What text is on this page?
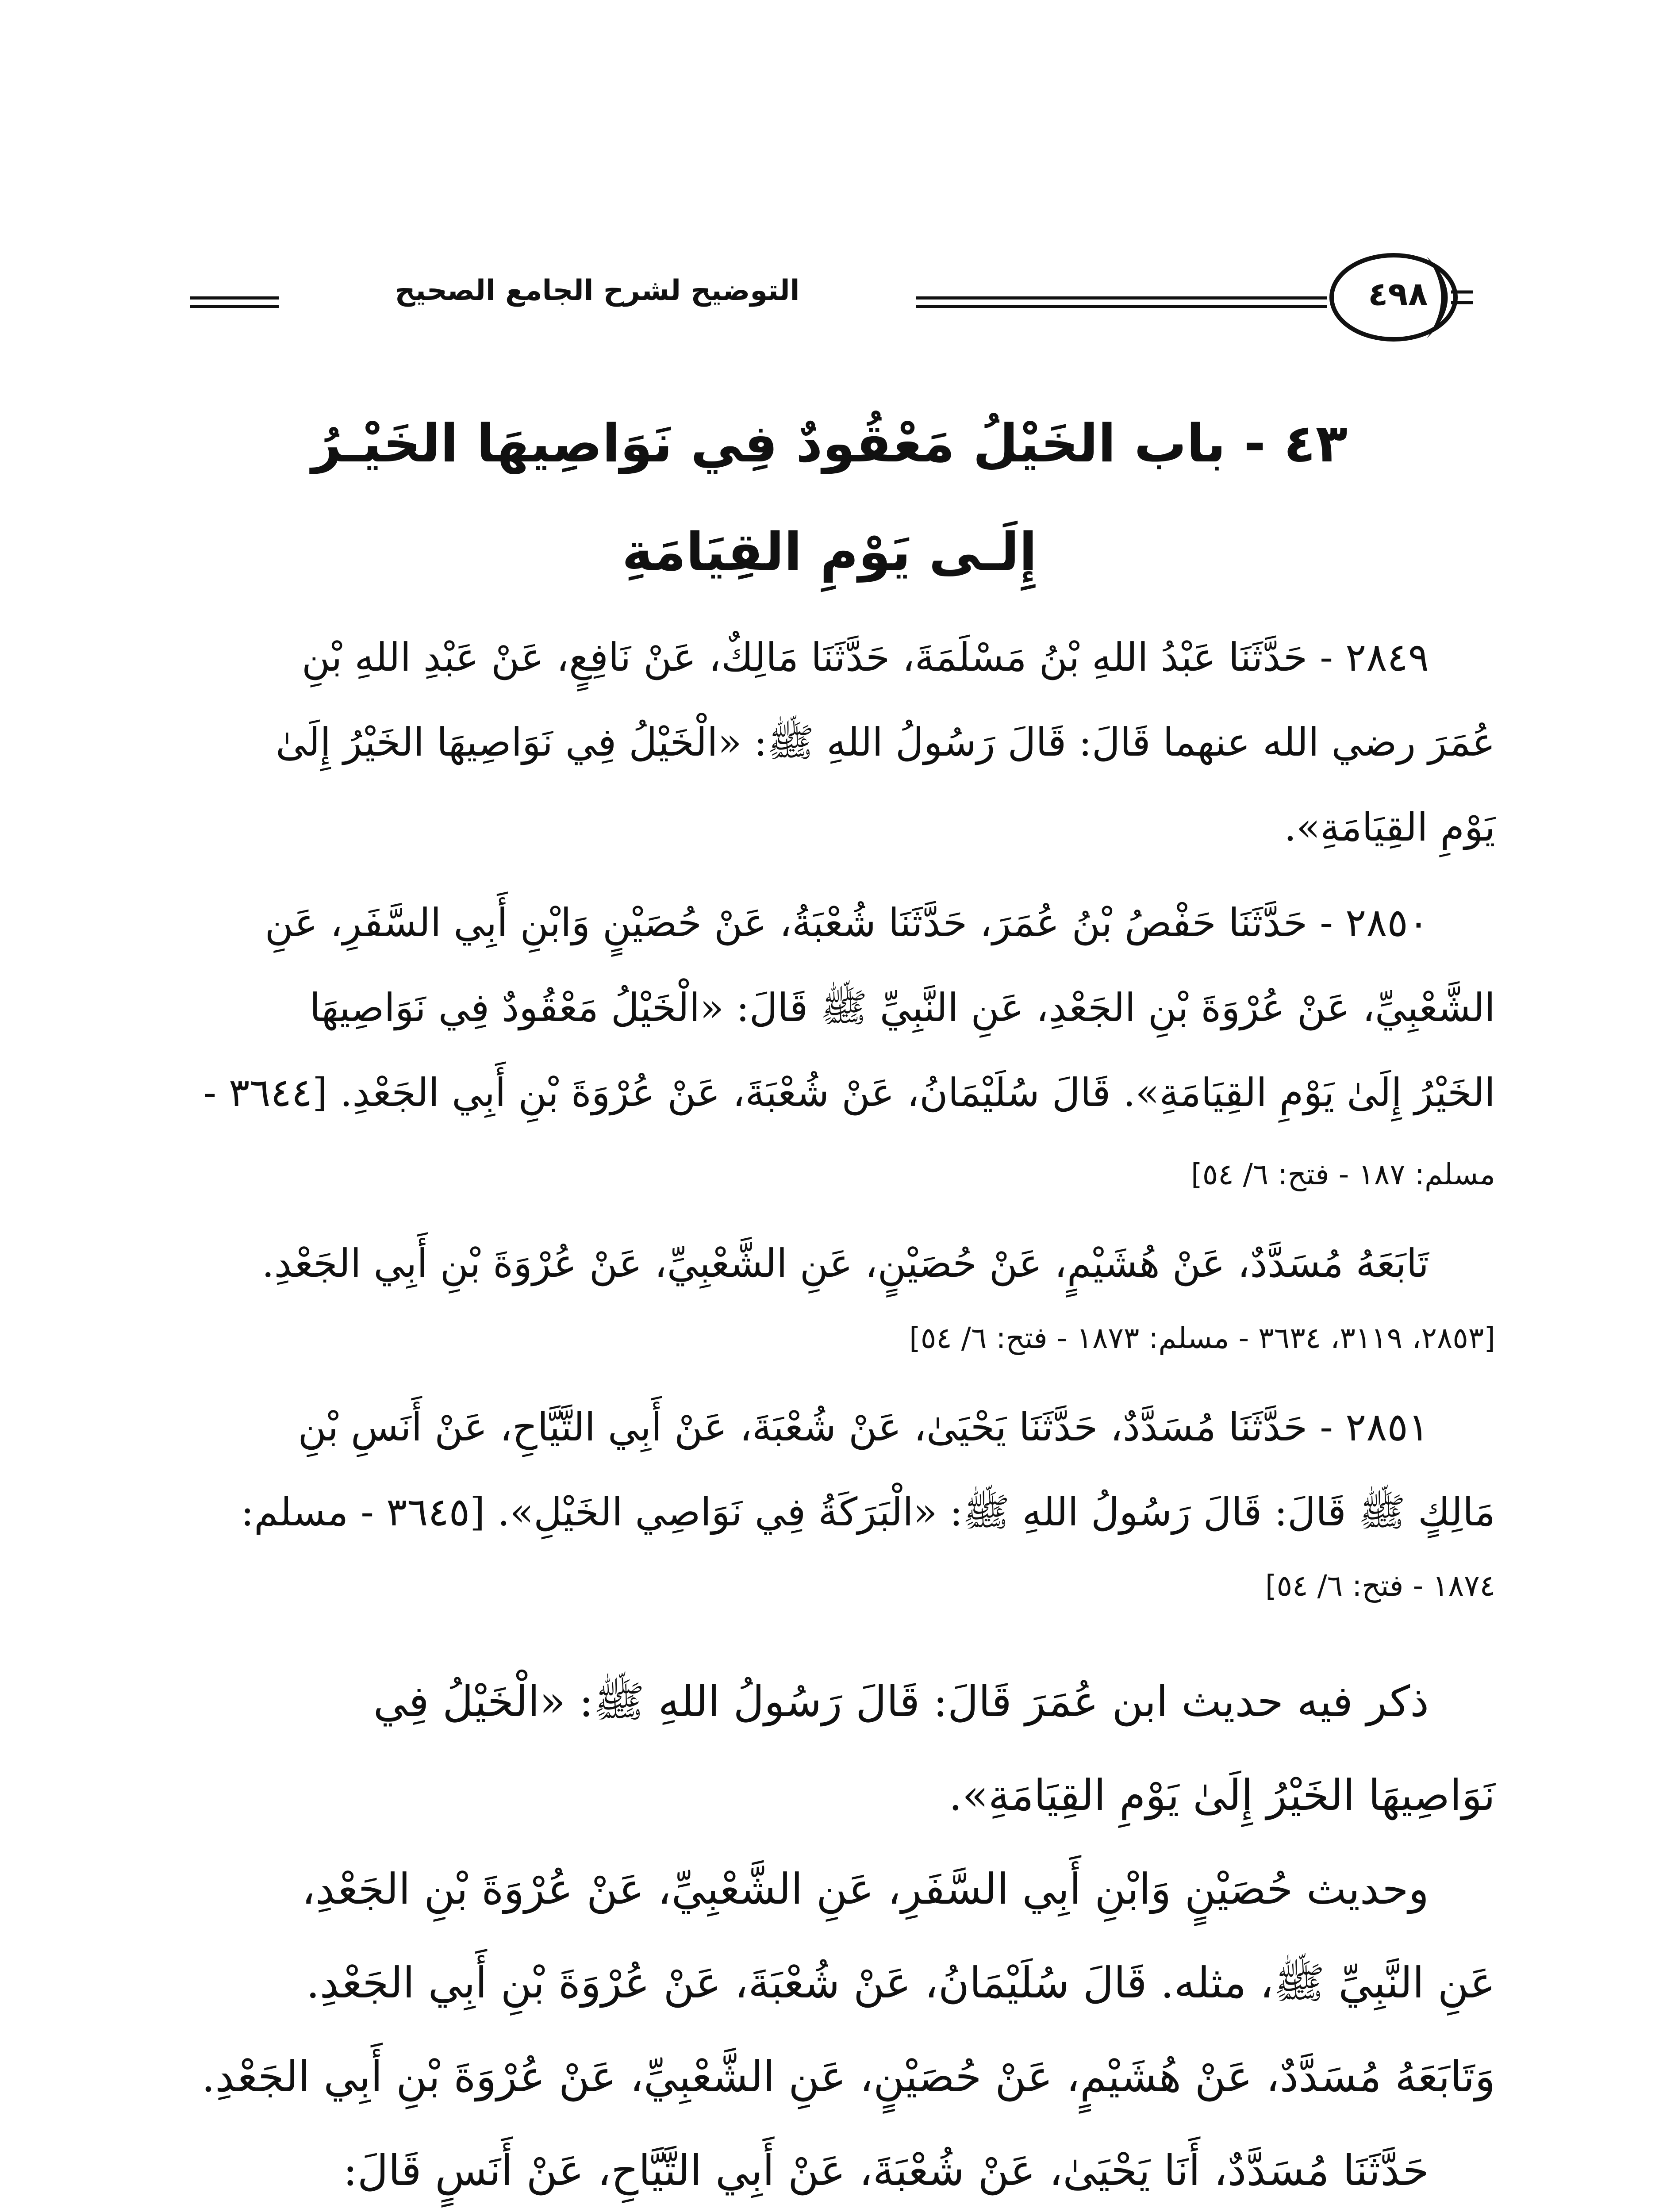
التوضيح لشرح الجامع الصحيح	٤٩٨
٤٣ - باب الخَيْلُ مَعْقُودٌ فِي نَوَاصِيهَا الخَيْـرُ
إِلَـى يَوْمِ القِيَامَةِ
٢٨٤٩ - حَدَّثَنَا عَبْدُ اللهِ بْنُ مَسْلَمَةَ، حَدَّثَنَا مَالِكٌ، عَنْ نَافِعٍ، عَنْ عَبْدِ اللهِ بْنِ
عُمَرَ رضي الله عنهما قَالَ: قَالَ رَسُولُ اللهِ ﷺ: «الْخَيْلُ فِي نَوَاصِيهَا الخَيْرُ إِلَىٰ
يَوْمِ القِيَامَةِ».
٢٨٥٠ - حَدَّثَنَا حَفْصُ بْنُ عُمَرَ، حَدَّثَنَا شُعْبَةُ، عَنْ حُصَيْنٍ وَابْنِ أَبِي السَّفَرِ، عَنِ
الشَّعْبِيِّ، عَنْ عُرْوَةَ بْنِ الجَعْدِ، عَنِ النَّبِيِّ ﷺ قَالَ: «الْخَيْلُ مَعْقُودٌ فِي نَوَاصِيهَا
الخَيْرُ إِلَىٰ يَوْمِ القِيَامَةِ». قَالَ سُلَيْمَانُ، عَنْ شُعْبَةَ، عَنْ عُرْوَةَ بْنِ أَبِي الجَعْدِ. [٣٦٤٤ -
مسلم: ١٨٧ - فتح: ٦/ ٥٤]
تَابَعَهُ مُسَدَّدٌ، عَنْ هُشَيْمٍ، عَنْ حُصَيْنٍ، عَنِ الشَّعْبِيِّ، عَنْ عُرْوَةَ بْنِ أَبِي الجَعْدِ.
[٢٨٥٣، ٣١١٩، ٣٦٣٤ - مسلم: ١٨٧٣ - فتح: ٦/ ٥٤]
٢٨٥١ - حَدَّثَنَا مُسَدَّدٌ، حَدَّثَنَا يَحْيَىٰ، عَنْ شُعْبَةَ، عَنْ أَبِي التَّيَّاحِ، عَنْ أَنَسِ بْنِ
مَالِكٍ ﷺ قَالَ: قَالَ رَسُولُ اللهِ ﷺ: «الْبَرَكَةُ فِي نَوَاصِي الخَيْلِ». [٣٦٤٥ - مسلم:
١٨٧٤ - فتح: ٦/ ٥٤]
ذكر فيه حديث ابن عُمَرَ قَالَ: قَالَ رَسُولُ اللهِ ﷺ: «الْخَيْلُ فِي
نَوَاصِيهَا الخَيْرُ إِلَىٰ يَوْمِ القِيَامَةِ».
وحديث حُصَيْنٍ وَابْنِ أَبِي السَّفَرِ، عَنِ الشَّعْبِيِّ، عَنْ عُرْوَةَ بْنِ الجَعْدِ،
عَنِ النَّبِيِّ ﷺ، مثله. قَالَ سُلَيْمَانُ، عَنْ شُعْبَةَ، عَنْ عُرْوَةَ بْنِ أَبِي الجَعْدِ.
وَتَابَعَهُ مُسَدَّدٌ، عَنْ هُشَيْمٍ، عَنْ حُصَيْنٍ، عَنِ الشَّعْبِيِّ، عَنْ عُرْوَةَ بْنِ أَبِي الجَعْدِ.
حَدَّثَنَا مُسَدَّدٌ، أَنَا يَحْيَىٰ، عَنْ شُعْبَةَ، عَنْ أَبِي التَّيَّاحِ، عَنْ أَنَسٍ قَالَ:
